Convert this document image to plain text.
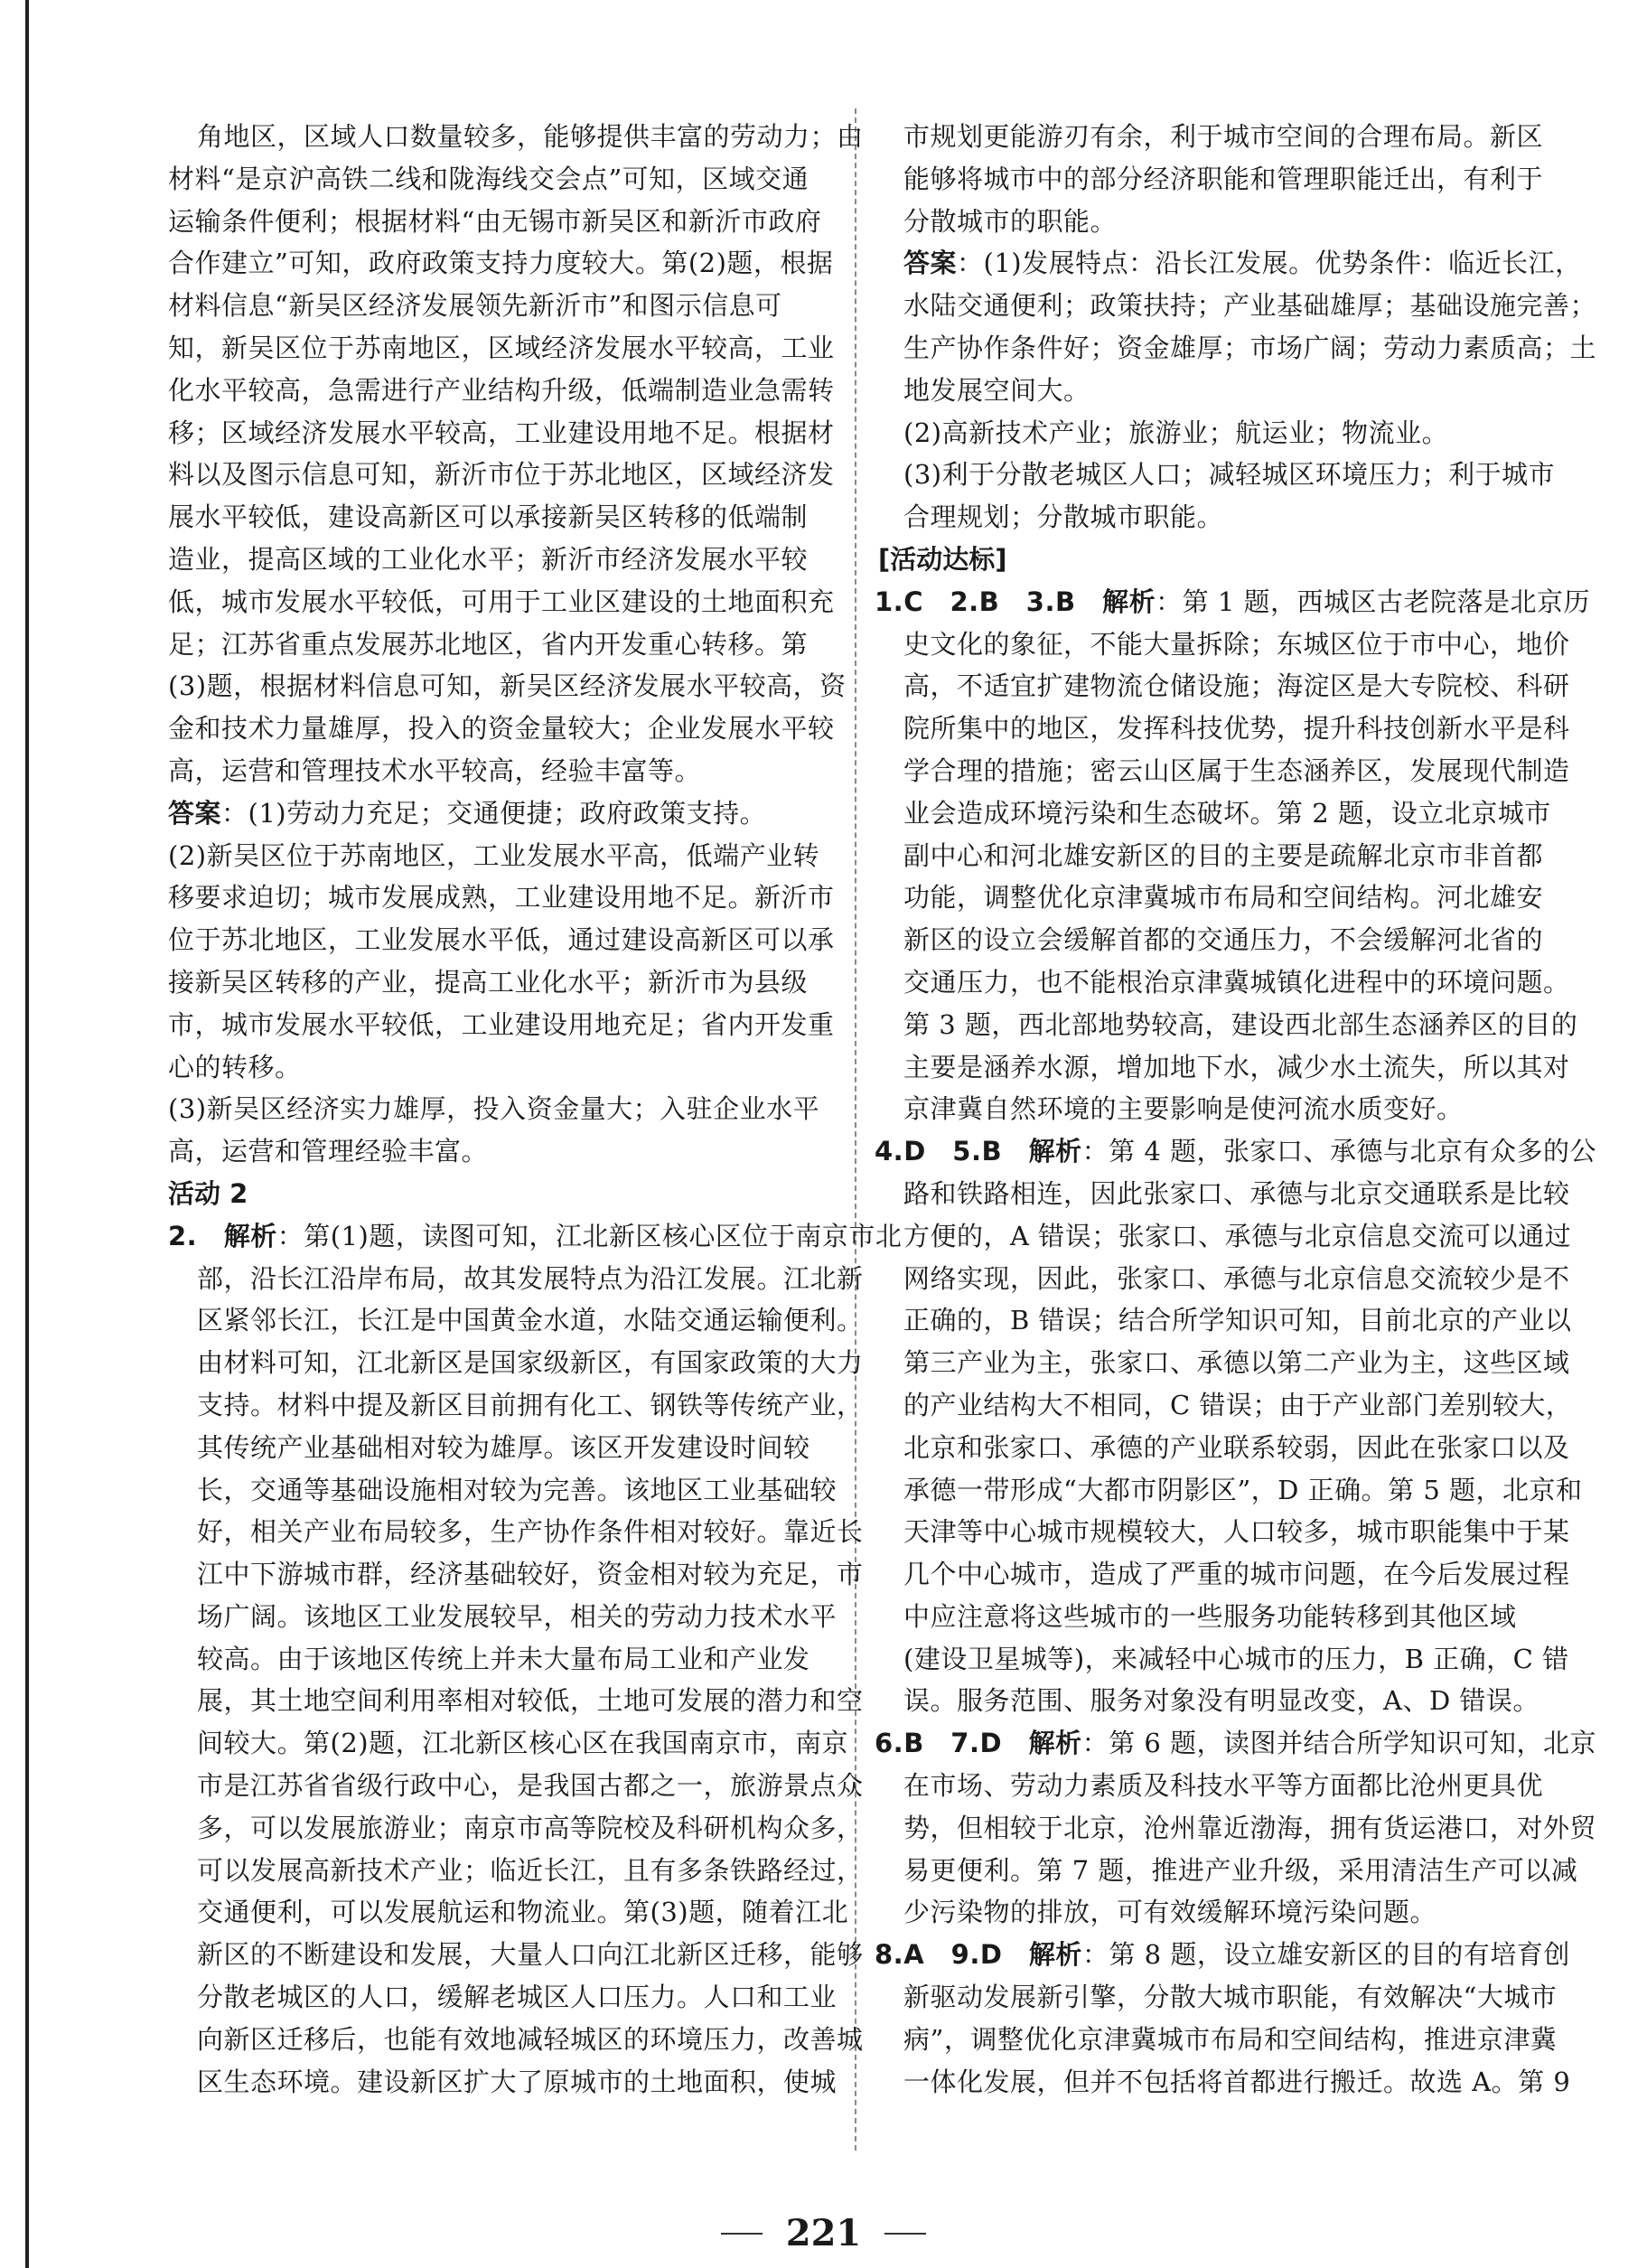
角地区，区域人口数量较多，能够提供丰富的劳动力；由
材料“是京沪高铁二线和陇海线交会点”可知，区域交通
运输条件便利；根据材料“由无锡市新吴区和新沂市政府
合作建立”可知，政府政策支持力度较大。第(2)题，根据
材料信息“新吴区经济发展领先新沂市”和图示信息可
知，新吴区位于苏南地区，区域经济发展水平较高，工业
化水平较高，急需进行产业结构升级，低端制造业急需转
移；区域经济发展水平较高，工业建设用地不足。根据材
料以及图示信息可知，新沂市位于苏北地区，区域经济发
展水平较低，建设高新区可以承接新吴区转移的低端制
造业，提高区域的工业化水平；新沂市经济发展水平较
低，城市发展水平较低，可用于工业区建设的土地面积充
足；江苏省重点发展苏北地区，省内开发重心转移。第
(3)题，根据材料信息可知，新吴区经济发展水平较高，资
金和技术力量雄厚，投入的资金量较大；企业发展水平较
高，运营和管理技术水平较高，经验丰富等。
答案：(1)劳动力充足；交通便捷；政府政策支持。
(2)新吴区位于苏南地区，工业发展水平高，低端产业转
移要求迫切；城市发展成熟，工业建设用地不足。新沂市
位于苏北地区，工业发展水平低，通过建设高新区可以承
接新吴区转移的产业，提高工业化水平；新沂市为县级
市，城市发展水平较低，工业建设用地充足；省内开发重
心的转移。
(3)新吴区经济实力雄厚，投入资金量大；入驻企业水平
高，运营和管理经验丰富。
活动 2
2.　 解析：第(1)题，读图可知，江北新区核心区位于南京市北
部，沿长江沿岸布局，故其发展特点为沿江发展。江北新
区紧邻长江，长江是中国黄金水道，水陆交通运输便利。
由材料可知，江北新区是国家级新区，有国家政策的大力
支持。材料中提及新区目前拥有化工、钢铁等传统产业，
其传统产业基础相对较为雄厚。该区开发建设时间较
长，交通等基础设施相对较为完善。该地区工业基础较
好，相关产业布局较多，生产协作条件相对较好。靠近长
江中下游城市群，经济基础较好，资金相对较为充足，市
场广阔。该地区工业发展较早，相关的劳动力技术水平
较高。由于该地区传统上并未大量布局工业和产业发
展，其土地空间利用率相对较低，土地可发展的潜力和空
间较大。第(2)题，江北新区核心区在我国南京市，南京
市是江苏省省级行政中心，是我国古都之一，旅游景点众
多，可以发展旅游业；南京市高等院校及科研机构众多，
可以发展高新技术产业；临近长江，且有多条铁路经过，
交通便利，可以发展航运和物流业。第(3)题，随着江北
新区的不断建设和发展，大量人口向江北新区迁移，能够
分散老城区的人口，缓解老城区人口压力。人口和工业
向新区迁移后，也能有效地减轻城区的环境压力，改善城
区生态环境。建设新区扩大了原城市的土地面积，使城
市规划更能游刃有余，利于城市空间的合理布局。新区
能够将城市中的部分经济职能和管理职能迁出，有利于
分散城市的职能。
答案：(1)发展特点：沿长江发展。优势条件：临近长江，
水陆交通便利；政策扶持；产业基础雄厚；基础设施完善；
生产协作条件好；资金雄厚；市场广阔；劳动力素质高；土
地发展空间大。
(2)高新技术产业；旅游业；航运业；物流业。
(3)利于分散老城区人口；减轻城区环境压力；利于城市
合理规划；分散城市职能。
[ 活动达标 ]
1.C　2.B　3.B　 解析：第 1 题，西城区古老院落是北京历
史文化的象征，不能大量拆除；东城区位于市中心，地价
高，不适宜扩建物流仓储设施；海淀区是大专院校、科研
院所集中的地区，发挥科技优势，提升科技创新水平是科
学合理的措施；密云山区属于生态涵养区，发展现代制造
业会造成环境污染和生态破坏。第 2 题，设立北京城市
副中心和河北雄安新区的目的主要是疏解北京市非首都
功能，调整优化京津冀城市布局和空间结构。河北雄安
新区的设立会缓解首都的交通压力，不会缓解河北省的
交通压力，也不能根治京津冀城镇化进程中的环境问题。
第 3 题，西北部地势较高，建设西北部生态涵养区的目的
主要是涵养水源，增加地下水，减少水土流失，所以其对
京津冀自然环境的主要影响是使河流水质变好。
4.D　5.B　 解析：第 4 题，张家口、承德与北京有众多的公
路和铁路相连，因此张家口、承德与北京交通联系是比较
方便的，A 错误；张家口、承德与北京信息交流可以通过
网络实现，因此，张家口、承德与北京信息交流较少是不
正确的，B 错误；结合所学知识可知，目前北京的产业以
第三产业为主，张家口、承德以第二产业为主，这些区域
的产业结构大不相同，C 错误；由于产业部门差别较大，
北京和张家口、承德的产业联系较弱，因此在张家口以及
承德一带形成“大都市阴影区”，D 正确。第 5 题，北京和
天津等中心城市规模较大，人口较多，城市职能集中于某
几个中心城市，造成了严重的城市问题，在今后发展过程
中应注意将这些城市的一些服务功能转移到其他区域
(建设卫星城等)，来减轻中心城市的压力，B 正确，C 错
误。服务范围、服务对象没有明显改变，A、D 错误。
6.B　7.D　 解析：第 6 题，读图并结合所学知识可知，北京
在市场、劳动力素质及科技水平等方面都比沧州更具优
势，但相较于北京，沧州靠近渤海，拥有货运港口，对外贸
易更便利。第 7 题，推进产业升级，采用清洁生产可以减
少污染物的排放，可有效缓解环境污染问题。
8.A　9.D　 解析：第 8 题，设立雄安新区的目的有培育创
新驱动发展新引擎，分散大城市职能，有效解决“大城市
病”，调整优化京津冀城市布局和空间结构，推进京津冀
一体化发展，但并不包括将首都进行搬迁。故选 A。第 9
221
